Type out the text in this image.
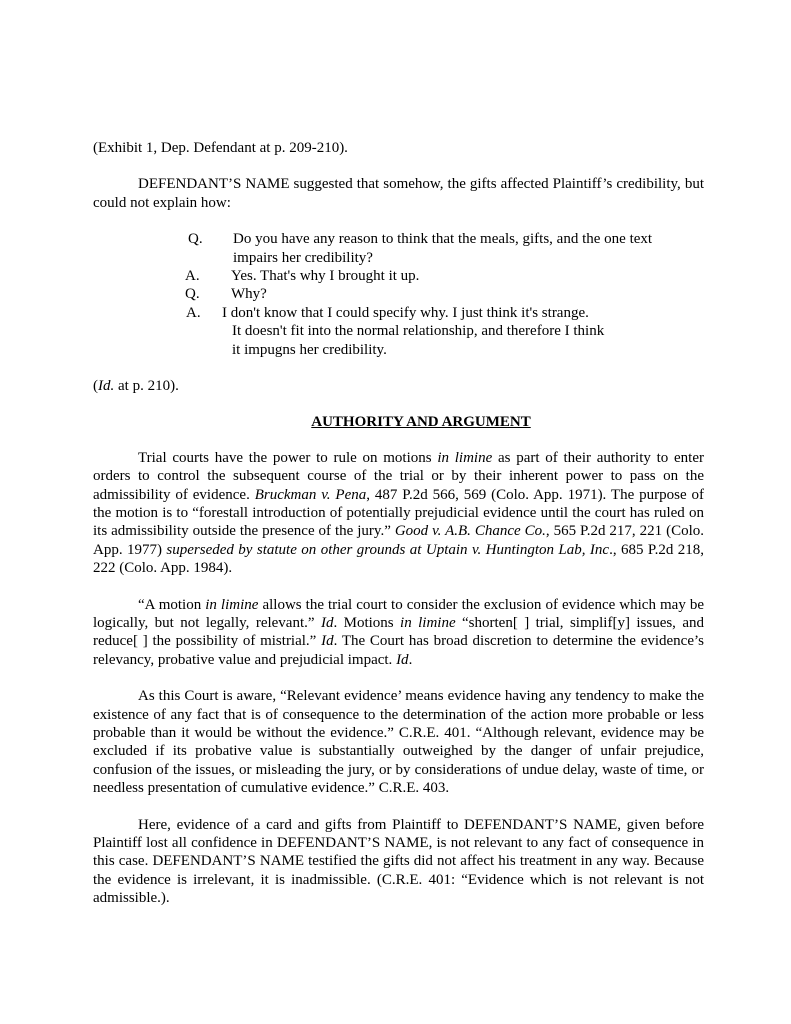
(Exhibit 1, Dep. Defendant at p. 209-210).

DEFENDANT’S NAME suggested that somehow, the gifts affected Plaintiff’s credibility, but could not explain how:

Q. Do you have any reason to think that the meals, gifts, and the one text
impairs her credibility?
A. Yes. That's why I brought it up.
Q. Why?
A. I don't know that I could specify why. I just think it's strange.
It doesn't fit into the normal relationship, and therefore I think
it impugns her credibility.

(Id. at p. 210).

AUTHORITY AND ARGUMENT

Trial courts have the power to rule on motions in limine as part of their authority to enter orders to control the subsequent course of the trial or by their inherent power to pass on the admissibility of evidence. Bruckman v. Pena, 487 P.2d 566, 569 (Colo. App. 1971). The purpose of the motion is to “forestall introduction of potentially prejudicial evidence until the court has ruled on its admissibility outside the presence of the jury.” Good v. A.B. Chance Co., 565 P.2d 217, 221 (Colo. App. 1977) superseded by statute on other grounds at Uptain v. Huntington Lab, Inc., 685 P.2d 218, 222 (Colo. App. 1984).

“A motion in limine allows the trial court to consider the exclusion of evidence which may be logically, but not legally, relevant.” Id. Motions in limine “shorten[ ] trial, simplif[y] issues, and reduce[ ] the possibility of mistrial.” Id. The Court has broad discretion to determine the evidence’s relevancy, probative value and prejudicial impact. Id.

As this Court is aware, “Relevant evidence’ means evidence having any tendency to make the existence of any fact that is of consequence to the determination of the action more probable or less probable than it would be without the evidence.” C.R.E. 401. “Although relevant, evidence may be excluded if its probative value is substantially outweighed by the danger of unfair prejudice, confusion of the issues, or misleading the jury, or by considerations of undue delay, waste of time, or needless presentation of cumulative evidence.” C.R.E. 403.

Here, evidence of a card and gifts from Plaintiff to DEFENDANT’S NAME, given before Plaintiff lost all confidence in DEFENDANT’S NAME, is not relevant to any fact of consequence in this case. DEFENDANT’S NAME testified the gifts did not affect his treatment in any way. Because the evidence is irrelevant, it is inadmissible. (C.R.E. 401: “Evidence which is not relevant is not admissible.).
